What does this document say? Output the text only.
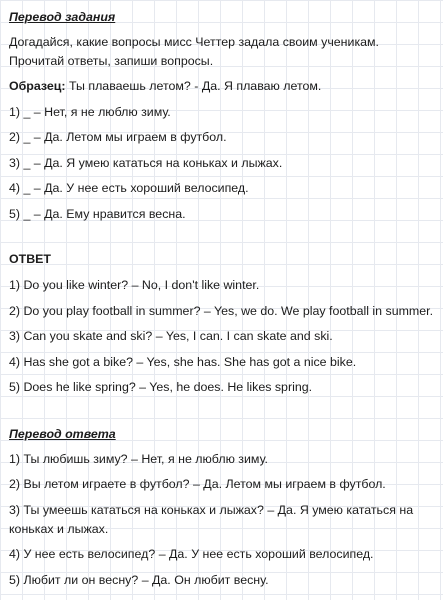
Перевод задания
Догадайся, какие вопросы мисс Четтер задала своим ученикам. Прочитай ответы, запиши вопросы.
Образец: Ты плаваешь летом? - Да. Я плаваю летом.
1) _ – Нет, я не люблю зиму.
2) _ – Да. Летом мы играем в футбол.
3) _ – Да. Я умею кататься на коньках и лыжах.
4) _ – Да. У нее есть хороший велосипед.
5) _ – Да. Ему нравится весна.
ОТВЕТ
1) Do you like winter? – No, I don't like winter.
2) Do you play football in summer? – Yes, we do. We play football in summer.
3) Can you skate and ski? – Yes, I can. I can skate and ski.
4) Has she got a bike? – Yes, she has. She has got a nice bike.
5) Does he like spring? – Yes, he does. He likes spring.
Перевод ответа
1) Ты любишь зиму? – Нет, я не люблю зиму.
2) Вы летом играете в футбол? – Да. Летом мы играем в футбол.
3) Ты умеешь кататься на коньках и лыжах? – Да. Я умею кататься на коньках и лыжах.
4) У нее есть велосипед? – Да. У нее есть хороший велосипед.
5) Любит ли он весну? – Да. Он любит весну.
